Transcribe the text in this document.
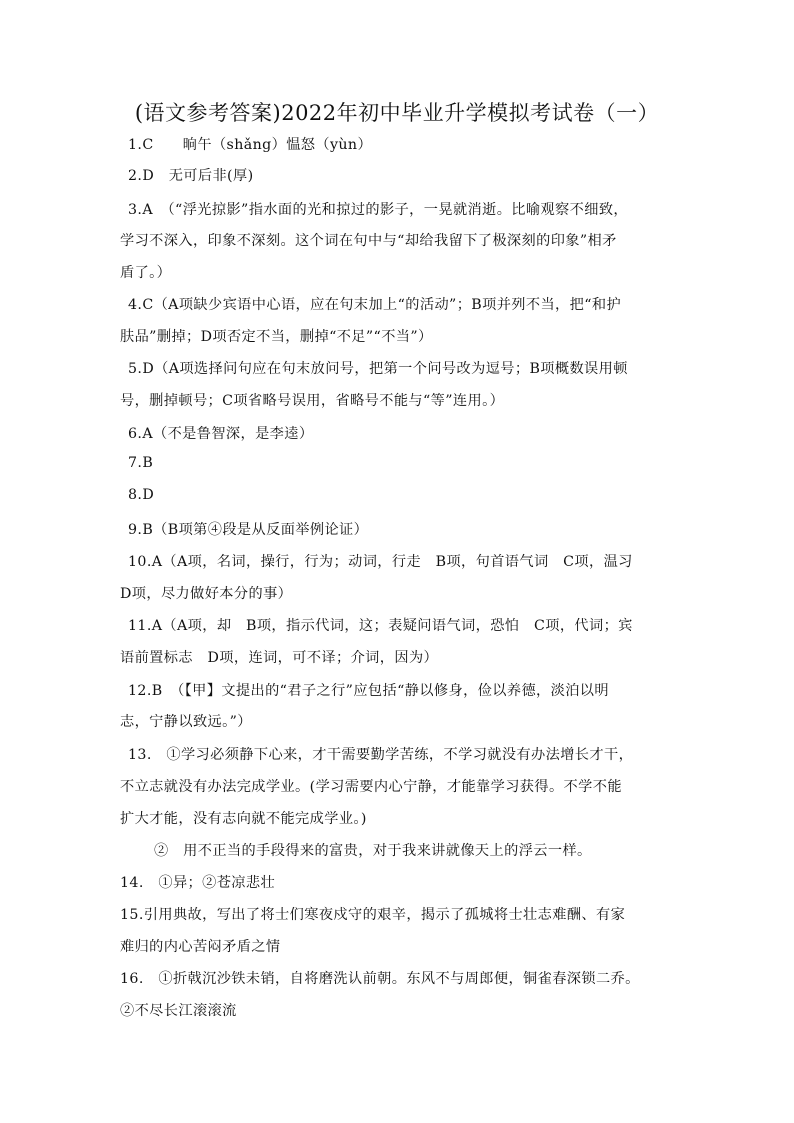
(语文参考答案)2022年初中毕业升学模拟考试卷（一）
1.C　　晌午（shǎng）愠怒（yùn）
2.D　无可后非(厚)
3.A　（“浮光掠影”指水面的光和掠过的影子，一晃就消逝。比喻观察不细致，
学习不深入，印象不深刻。这个词在句中与“却给我留下了极深刻的印象”相矛
盾了。）
4.C（A项缺少宾语中心语，应在句末加上“的活动”；B项并列不当，把“和护
肤品”删掉；D项否定不当，删掉“不足”“不当”）
5.D（A项选择问句应在句末放问号，把第一个问号改为逗号；B项概数误用顿
号，删掉顿号；C项省略号误用，省略号不能与“等”连用。）
6.A（不是鲁智深，是李逵）
7.B
8.D
9.B（B项第④段是从反面举例论证）
10.A（A项，名词，操行，行为；动词，行走　B项，句首语气词　C项，温习
D项，尽力做好本分的事）
11.A（A项，却　B项，指示代词，这；表疑问语气词，恐怕　C项，代词；宾
语前置标志　D项，连词，可不译；介词，因为）
12.B　（【甲】文提出的“君子之行”应包括“静以修身，俭以养德，淡泊以明
志，宁静以致远。”）
13.　①学习必须静下心来，才干需要勤学苦练，不学习就没有办法增长才干，
不立志就没有办法完成学业。(学习需要内心宁静，才能靠学习获得。不学不能
扩大才能，没有志向就不能完成学业。)
②　用不正当的手段得来的富贵，对于我来讲就像天上的浮云一样。
14.　①异；②苍凉悲壮
15.引用典故，写出了将士们寒夜戍守的艰辛，揭示了孤城将士壮志难酬、有家
难归的内心苦闷矛盾之情
16.　①折戟沉沙铁未销，自将磨洗认前朝。东风不与周郎便，铜雀春深锁二乔。
②不尽长江滚滚流
